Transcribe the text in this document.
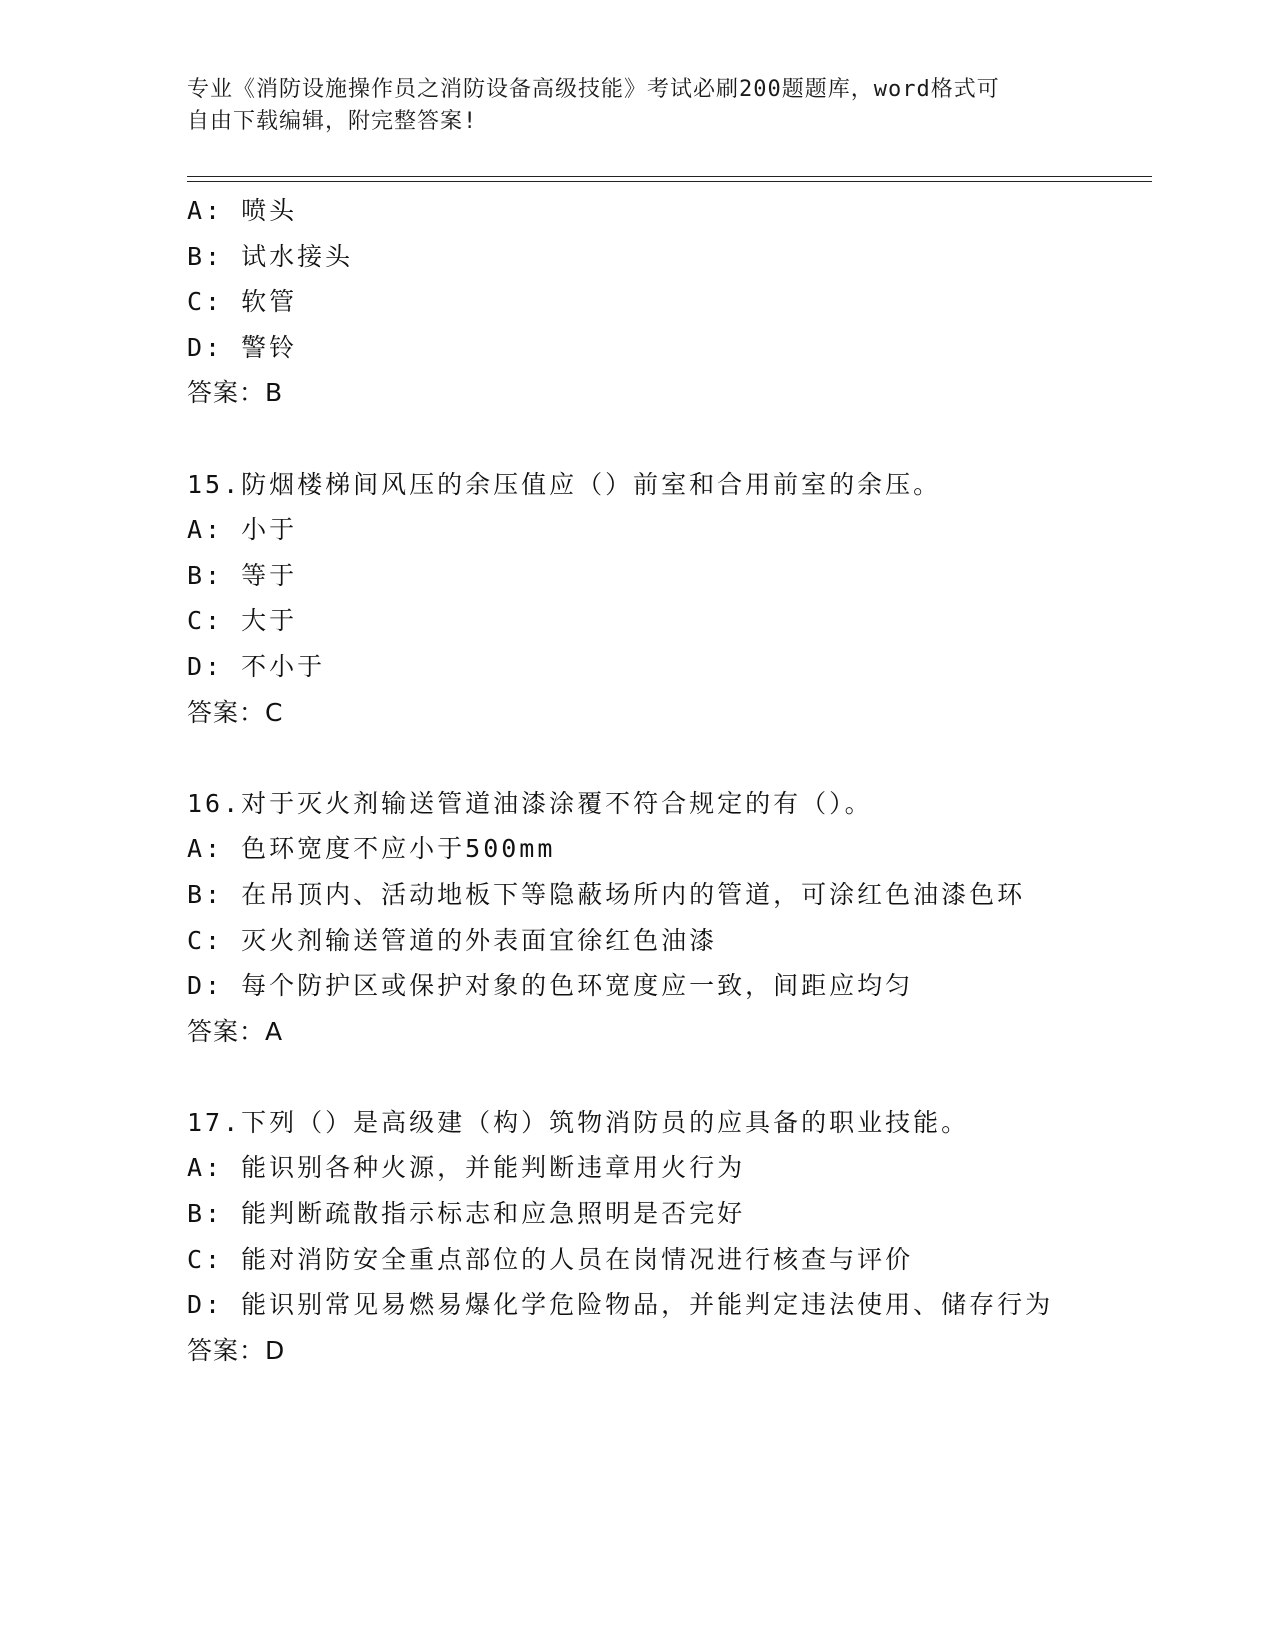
专业《消防设施操作员之消防设备高级技能》考试必刷200题题库，word格式可
自由下载编辑，附完整答案!
A: 喷头
B: 试水接头
C: 软管
D: 警铃
答案：B
15.防烟楼梯间风压的余压值应（）前室和合用前室的余压。
A: 小于
B: 等于
C: 大于
D: 不小于
答案：C
16.对于灭火剂输送管道油漆涂覆不符合规定的有（）。
A: 色环宽度不应小于500mm
B: 在吊顶内、活动地板下等隐蔽场所内的管道，可涂红色油漆色环
C: 灭火剂输送管道的外表面宜徐红色油漆
D: 每个防护区或保护对象的色环宽度应一致，间距应均匀
答案：A
17.下列（）是高级建（构）筑物消防员的应具备的职业技能。
A: 能识别各种火源，并能判断违章用火行为
B: 能判断疏散指示标志和应急照明是否完好
C: 能对消防安全重点部位的人员在岗情况进行核查与评价
D: 能识别常见易燃易爆化学危险物品，并能判定违法使用、储存行为
答案：D
